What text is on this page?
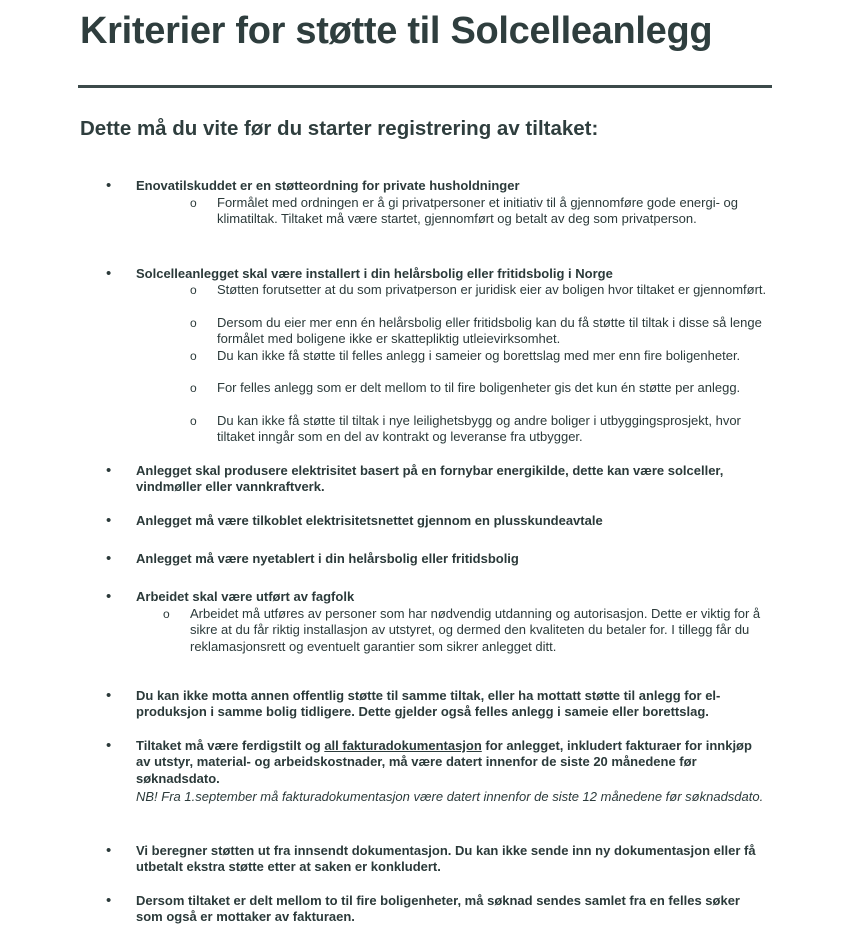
Kriterier for støtte til Solcelleanlegg
Dette må du vite før du starter registrering av tiltaket:
• Enovatilskuddet er en støtteordning for private husholdninger
o Formålet med ordningen er å gi privatpersoner et initiativ til å gjennomføre gode energi- og klimatiltak. Tiltaket må være startet, gjennomført og betalt av deg som privatperson.
• Solcelleanlegget skal være installert i din helårsbolig eller fritidsbolig i Norge
o Støtten forutsetter at du som privatperson er juridisk eier av boligen hvor tiltaket er gjennomført.
o Dersom du eier mer enn én helårsbolig eller fritidsbolig kan du få støtte til tiltak i disse så lenge formålet med boligene ikke er skattepliktig utleievirksomhet.
o Du kan ikke få støtte til felles anlegg i sameier og borettslag med mer enn fire boligenheter.
o For felles anlegg som er delt mellom to til fire boligenheter gis det kun én støtte per anlegg.
o Du kan ikke få støtte til tiltak i nye leilighetsbygg og andre boliger i utbyggingsprosjekt, hvor tiltaket inngår som en del av kontrakt og leveranse fra utbygger.
• Anlegget skal produsere elektrisitet basert på en fornybar energikilde, dette kan være solceller, vindmøller eller vannkraftverk.
• Anlegget må være tilkoblet elektrisitetsnettet gjennom en plusskundeavtale
• Anlegget må være nyetablert i din helårsbolig eller fritidsbolig
• Arbeidet skal være utført av fagfolk
o Arbeidet må utføres av personer som har nødvendig utdanning og autorisasjon. Dette er viktig for å sikre at du får riktig installasjon av utstyret, og dermed den kvaliteten du betaler for. I tillegg får du reklamasjonsrett og eventuelt garantier som sikrer anlegget ditt.
• Du kan ikke motta annen offentlig støtte til samme tiltak, eller ha mottatt støtte til anlegg for el-produksjon i samme bolig tidligere. Dette gjelder også felles anlegg i sameie eller borettslag.
• Tiltaket må være ferdigstilt og all fakturadokumentasjon for anlegget, inkludert fakturaer for innkjøp av utstyr, material- og arbeidskostnader, må være datert innenfor de siste 20 månedene før søknadsdato.
NB! Fra 1.september må fakturadokumentasjon være datert innenfor de siste 12 månedene før søknadsdato.
• Vi beregner støtten ut fra innsendt dokumentasjon. Du kan ikke sende inn ny dokumentasjon eller få utbetalt ekstra støtte etter at saken er konkludert.
• Dersom tiltaket er delt mellom to til fire boligenheter, må søknad sendes samlet fra en felles søker som også er mottaker av fakturaen.
